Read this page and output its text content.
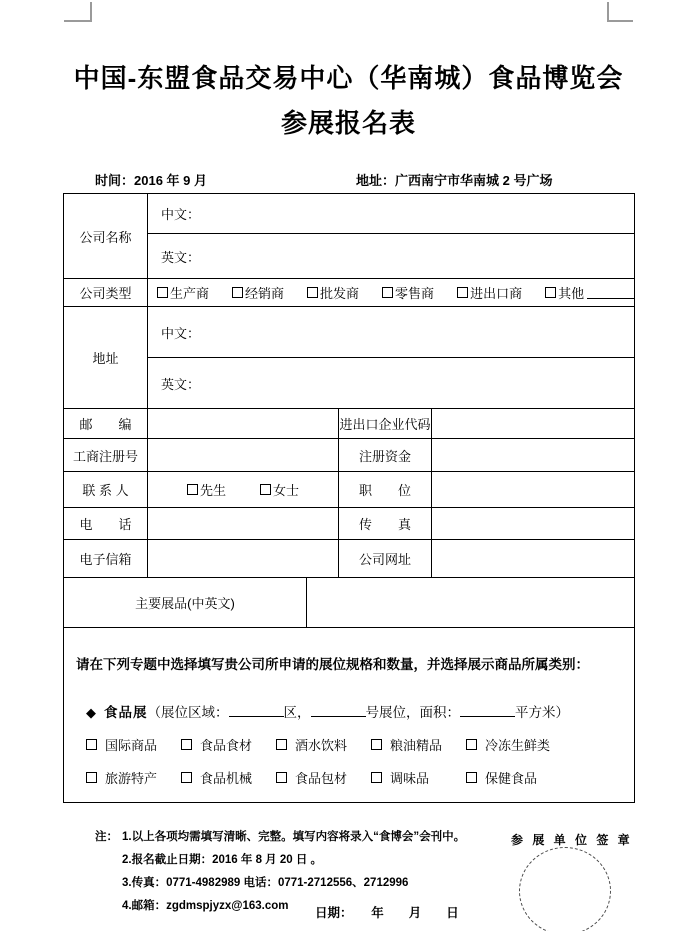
中国-东盟食品交易中心（华南城）食品博览会
参展报名表
时间：2016 年 9 月	地址：广西南宁市华南城 2 号广场
公司名称
中文：
英文：
公司类型	生产商	经销商	批发商	零售商	进出口商	其他
地址
中文：
英文：
邮　　编	进出口企业代码
工商注册号	注册资金
联 系 人	先生	女士	职　　位
电　　话	传　　真
电子信箱	公司网址
主要展品(中英文)
请在下列专题中选择填写贵公司所申请的展位规格和数量，并选择展示商品所属类别：
◆ 食品展（展位区域：	区，	号展位，面积：	平方米）
国际商品	食品食材	酒水饮料	粮油精品	冷冻生鲜类
旅游特产	食品机械	食品包材	调味品	保健食品
注： 1.以上各项均需填写清晰、完整。填写内容将录入“食博会”会刊中。
2.报名截止日期：2016 年 8 月 20 日 。
3.传真：0771-4982989 电话：0771-2712556、2712996
4.邮箱：zgdmspjyzx@163.com
参 展 单 位 签 章
日期：　　年　　月　　日
